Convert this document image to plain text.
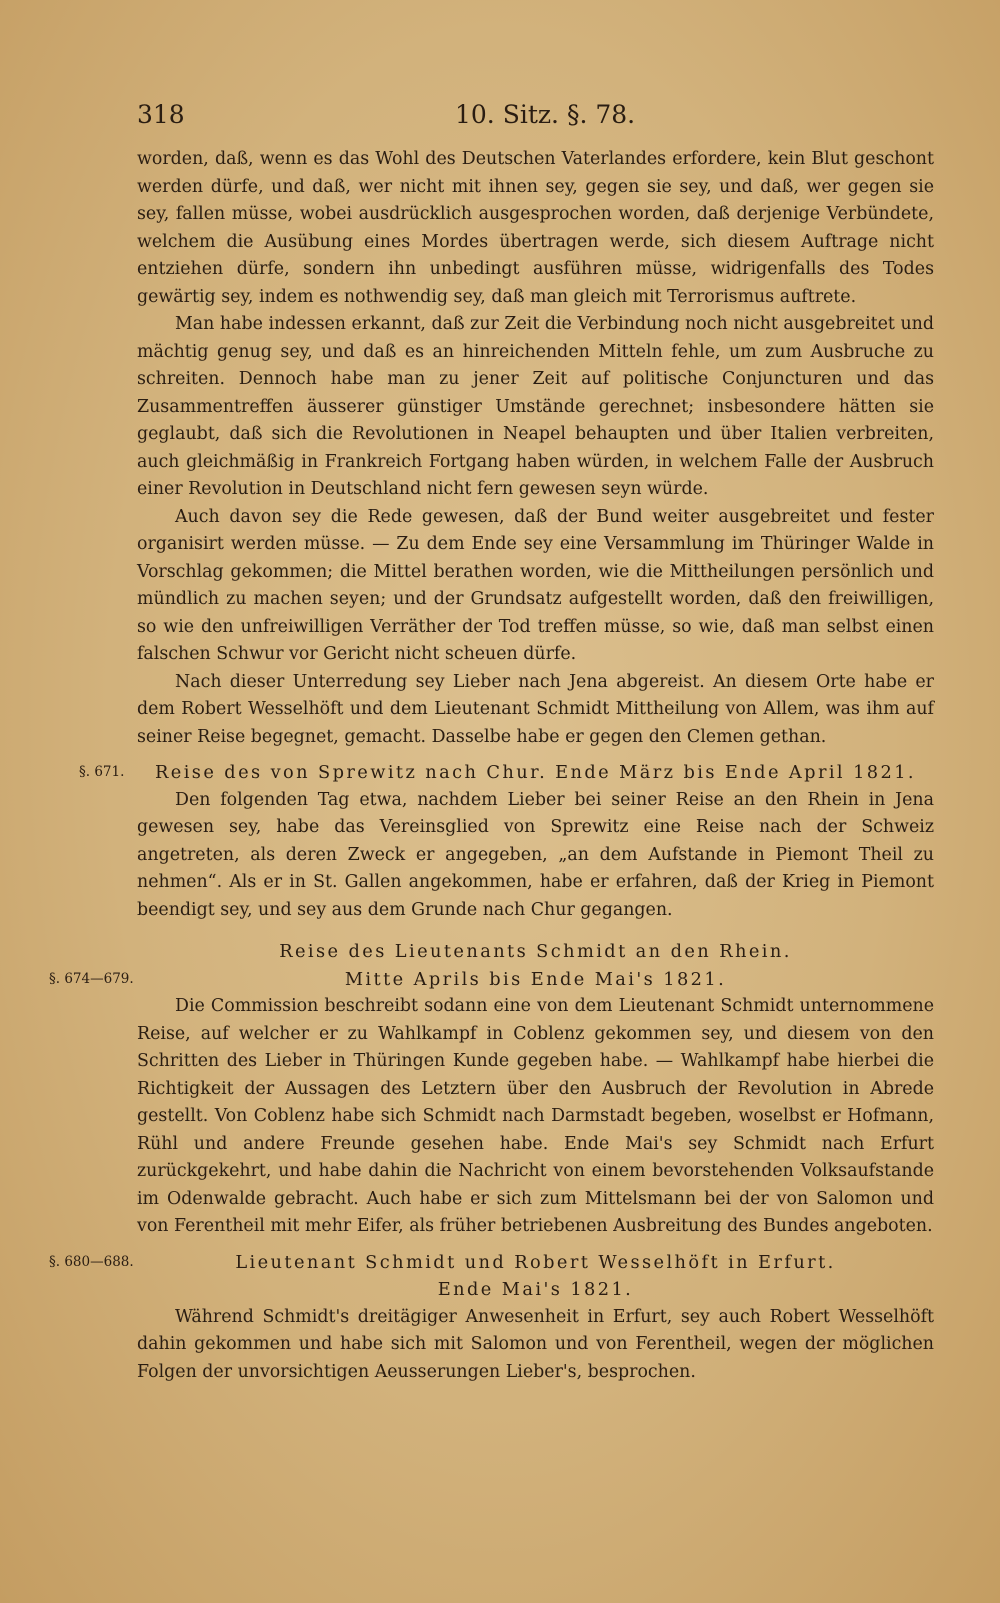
318	10. Sitz. §. 78.

worden, daß, wenn es das Wohl des Deutschen Vaterlandes erfordere, kein Blut geschont werden dürfe, und daß, wer nicht mit ihnen sey, gegen sie sey, und daß, wer gegen sie sey, fallen müsse, wobei ausdrücklich ausgesprochen worden, daß derjenige Verbündete, welchem die Ausübung eines Mordes übertragen werde, sich diesem Auftrage nicht entziehen dürfe, sondern ihn unbedingt ausführen müsse, widrigenfalls des Todes gewärtig sey, indem es nothwendig sey, daß man gleich mit Terrorismus auftrete.

Man habe indessen erkannt, daß zur Zeit die Verbindung noch nicht ausgebreitet und mächtig genug sey, und daß es an hinreichenden Mitteln fehle, um zum Ausbruche zu schreiten. Dennoch habe man zu jener Zeit auf politische Conjuncturen und das Zusammentreffen äusserer günstiger Umstände gerechnet; insbesondere hätten sie geglaubt, daß sich die Revolutionen in Neapel behaupten und über Italien verbreiten, auch gleichmäßig in Frankreich Fortgang haben würden, in welchem Falle der Ausbruch einer Revolution in Deutschland nicht fern gewesen seyn würde.

Auch davon sey die Rede gewesen, daß der Bund weiter ausgebreitet und fester organisirt werden müsse. — Zu dem Ende sey eine Versammlung im Thüringer Walde in Vorschlag gekommen; die Mittel berathen worden, wie die Mittheilungen persönlich und mündlich zu machen seyen; und der Grundsatz aufgestellt worden, daß den freiwilligen, so wie den unfreiwilligen Verräther der Tod treffen müsse, so wie, daß man selbst einen falschen Schwur vor Gericht nicht scheuen dürfe.

Nach dieser Unterredung sey Lieber nach Jena abgereist. An diesem Orte habe er dem Robert Wesselhöft und dem Lieutenant Schmidt Mittheilung von Allem, was ihm auf seiner Reise begegnet, gemacht. Dasselbe habe er gegen den Clemen gethan.

§. 671. Reise des von Sprewitz nach Chur. Ende März bis Ende April 1821.

Den folgenden Tag etwa, nachdem Lieber bei seiner Reise an den Rhein in Jena gewesen sey, habe das Vereinsglied von Sprewitz eine Reise nach der Schweiz angetreten, als deren Zweck er angegeben, „an dem Aufstande in Piemont Theil zu nehmen“. Als er in St. Gallen angekommen, habe er erfahren, daß der Krieg in Piemont beendigt sey, und sey aus dem Grunde nach Chur gegangen.

Reise des Lieutenants Schmidt an den Rhein.
§. 674—679.	Mitte Aprils bis Ende Mai's 1821.

Die Commission beschreibt sodann eine von dem Lieutenant Schmidt unternommene Reise, auf welcher er zu Wahlkampf in Coblenz gekommen sey, und diesem von den Schritten des Lieber in Thüringen Kunde gegeben habe. — Wahlkampf habe hierbei die Richtigkeit der Aussagen des Letztern über den Ausbruch der Revolution in Abrede gestellt. Von Coblenz habe sich Schmidt nach Darmstadt begeben, woselbst er Hofmann, Rühl und andere Freunde gesehen habe. Ende Mai's sey Schmidt nach Erfurt zurückgekehrt, und habe dahin die Nachricht von einem bevorstehenden Volksaufstande im Odenwalde gebracht. Auch habe er sich zum Mittelsmann bei der von Salomon und von Ferentheil mit mehr Eifer, als früher betriebenen Ausbreitung des Bundes angeboten.

§. 680—688.	Lieutenant Schmidt und Robert Wesselhöft in Erfurt.
Ende Mai's 1821.

Während Schmidt's dreitägiger Anwesenheit in Erfurt, sey auch Robert Wesselhöft dahin gekommen und habe sich mit Salomon und von Ferentheil, wegen der möglichen Folgen der unvorsichtigen Aeusserungen Lieber's, besprochen.
